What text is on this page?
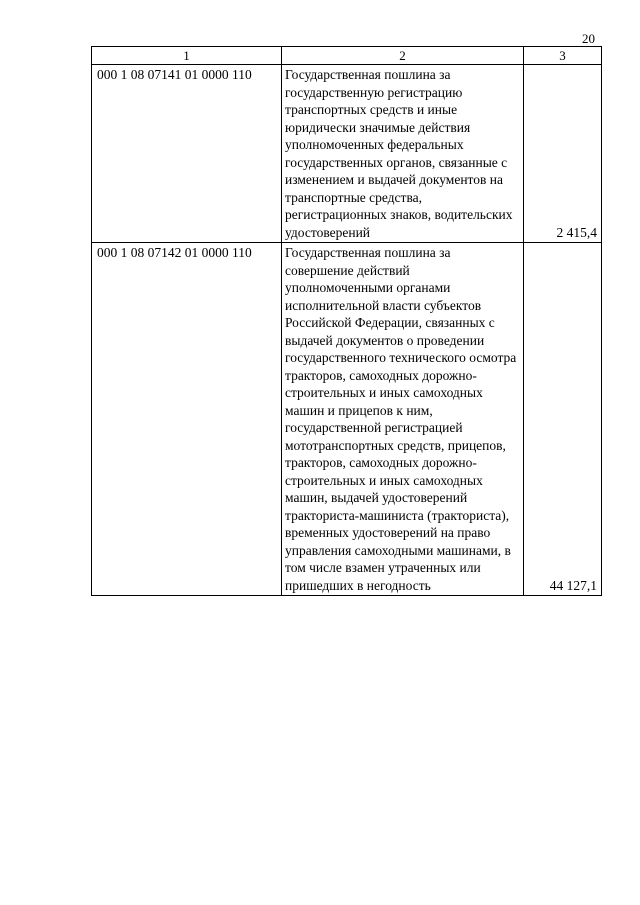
20
1	2	3
000 1 08 07141 01 0000 110	Государственная пошлина за государственную регистрацию транспортных средств и иные юридически значимые действия уполномоченных федеральных государственных органов, связанные с изменением и выдачей документов на транспортные средства, регистрационных знаков, водительских удостоверений	2 415,4
000 1 08 07142 01 0000 110	Государственная пошлина за совершение действий уполномоченными органами исполнительной власти субъектов Российской Федерации, связанных с выдачей документов о проведении государственного технического осмотра тракторов, самоходных дорожно-строительных и иных самоходных машин и прицепов к ним, государственной регистрацией мототранспортных средств, прицепов, тракторов, самоходных дорожно-строительных и иных самоходных машин, выдачей удостоверений тракториста-машиниста (тракториста), временных удостоверений на право управления самоходными машинами, в том числе взамен утраченных или пришедших в негодность	44 127,1
